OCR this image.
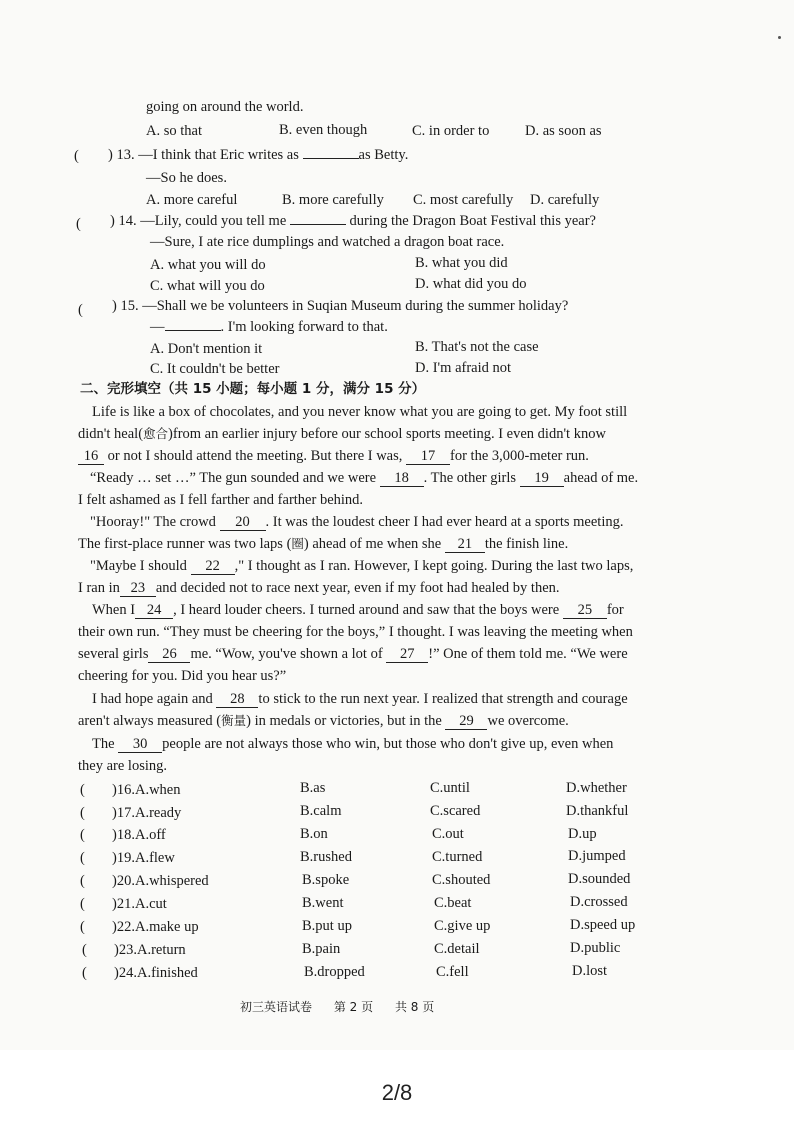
going on around the world.
A. so that	B. even though	C. in order to D. as soon as
( ) 13. —I think that Eric writes as	as Betty.
—So he does.
A. more careful	B. more carefully C. most carefully D. carefully
( ) 14. —Lily, could you tell me	during the Dragon Boat Festival this year?
—Sure, I ate rice dumplings and watched a dragon boat race.
A. what you will do	B. what you did
C. what will you do	D. what did you do
( ) 15. —Shall we be volunteers in Suqian Museum during the summer holiday?
—	. I'm looking forward to that.
A. Don't mention it	B. That's not the case
C. It couldn't be better	D. I'm afraid not
二、完形填空（共 15 小题；每小题 1 分，满分 15 分）
Life is like a box of chocolates, and you never know what you are going to get. My foot still
didn't heal(愈合)from an earlier injury before our school sports meeting. I even didn't know
16 or not I should attend the meeting. But there I was, 17 for the 3,000-meter run.
“Ready … set …” The gun sounded and we were 18 . The other girls 19 ahead of me.
I felt ashamed as I fell farther and farther behind.
"Hooray!" The crowd 20 . It was the loudest cheer I had ever heard at a sports meeting.
The first-place runner was two laps (圈) ahead of me when she 21 the finish line.
"Maybe I should 22 ," I thought as I ran. However, I kept going. During the last two laps,
I ran in 23 and decided not to race next year, even if my foot had healed by then.
When I 24 , I heard louder cheers. I turned around and saw that the boys were 25 for
their own run. “They must be cheering for the boys,” I thought. I was leaving the meeting when
several girls 26 me. “Wow, you've shown a lot of 27 !” One of them told me. “We were
cheering for you. Did you hear us?”
I had hope again and 28 to stick to the run next year. I realized that strength and courage
aren't always measured (衡量) in medals or victories, but in the 29 we overcome.
The 30 people are not always those who win, but those who don't give up, even when
they are losing.
( )16.A.when	B.as	C.until	D.whether
( )17.A.ready	B.calm	C.scared	D.thankful
( )18.A.off	B.on	C.out	D.up
( )19.A.flew	B.rushed	C.turned	D.jumped
( )20.A.whispered	B.spoke	C.shouted	D.sounded
( )21.A.cut	B.went	C.beat	D.crossed
( )22.A.make up	B.put up	C.give up	D.speed up
( )23.A.return	B.pain	C.detail	D.public
( )24.A.finished	B.dropped	C.fell	D.lost
初三英语试卷 第 2 页 共 8 页
2/8
